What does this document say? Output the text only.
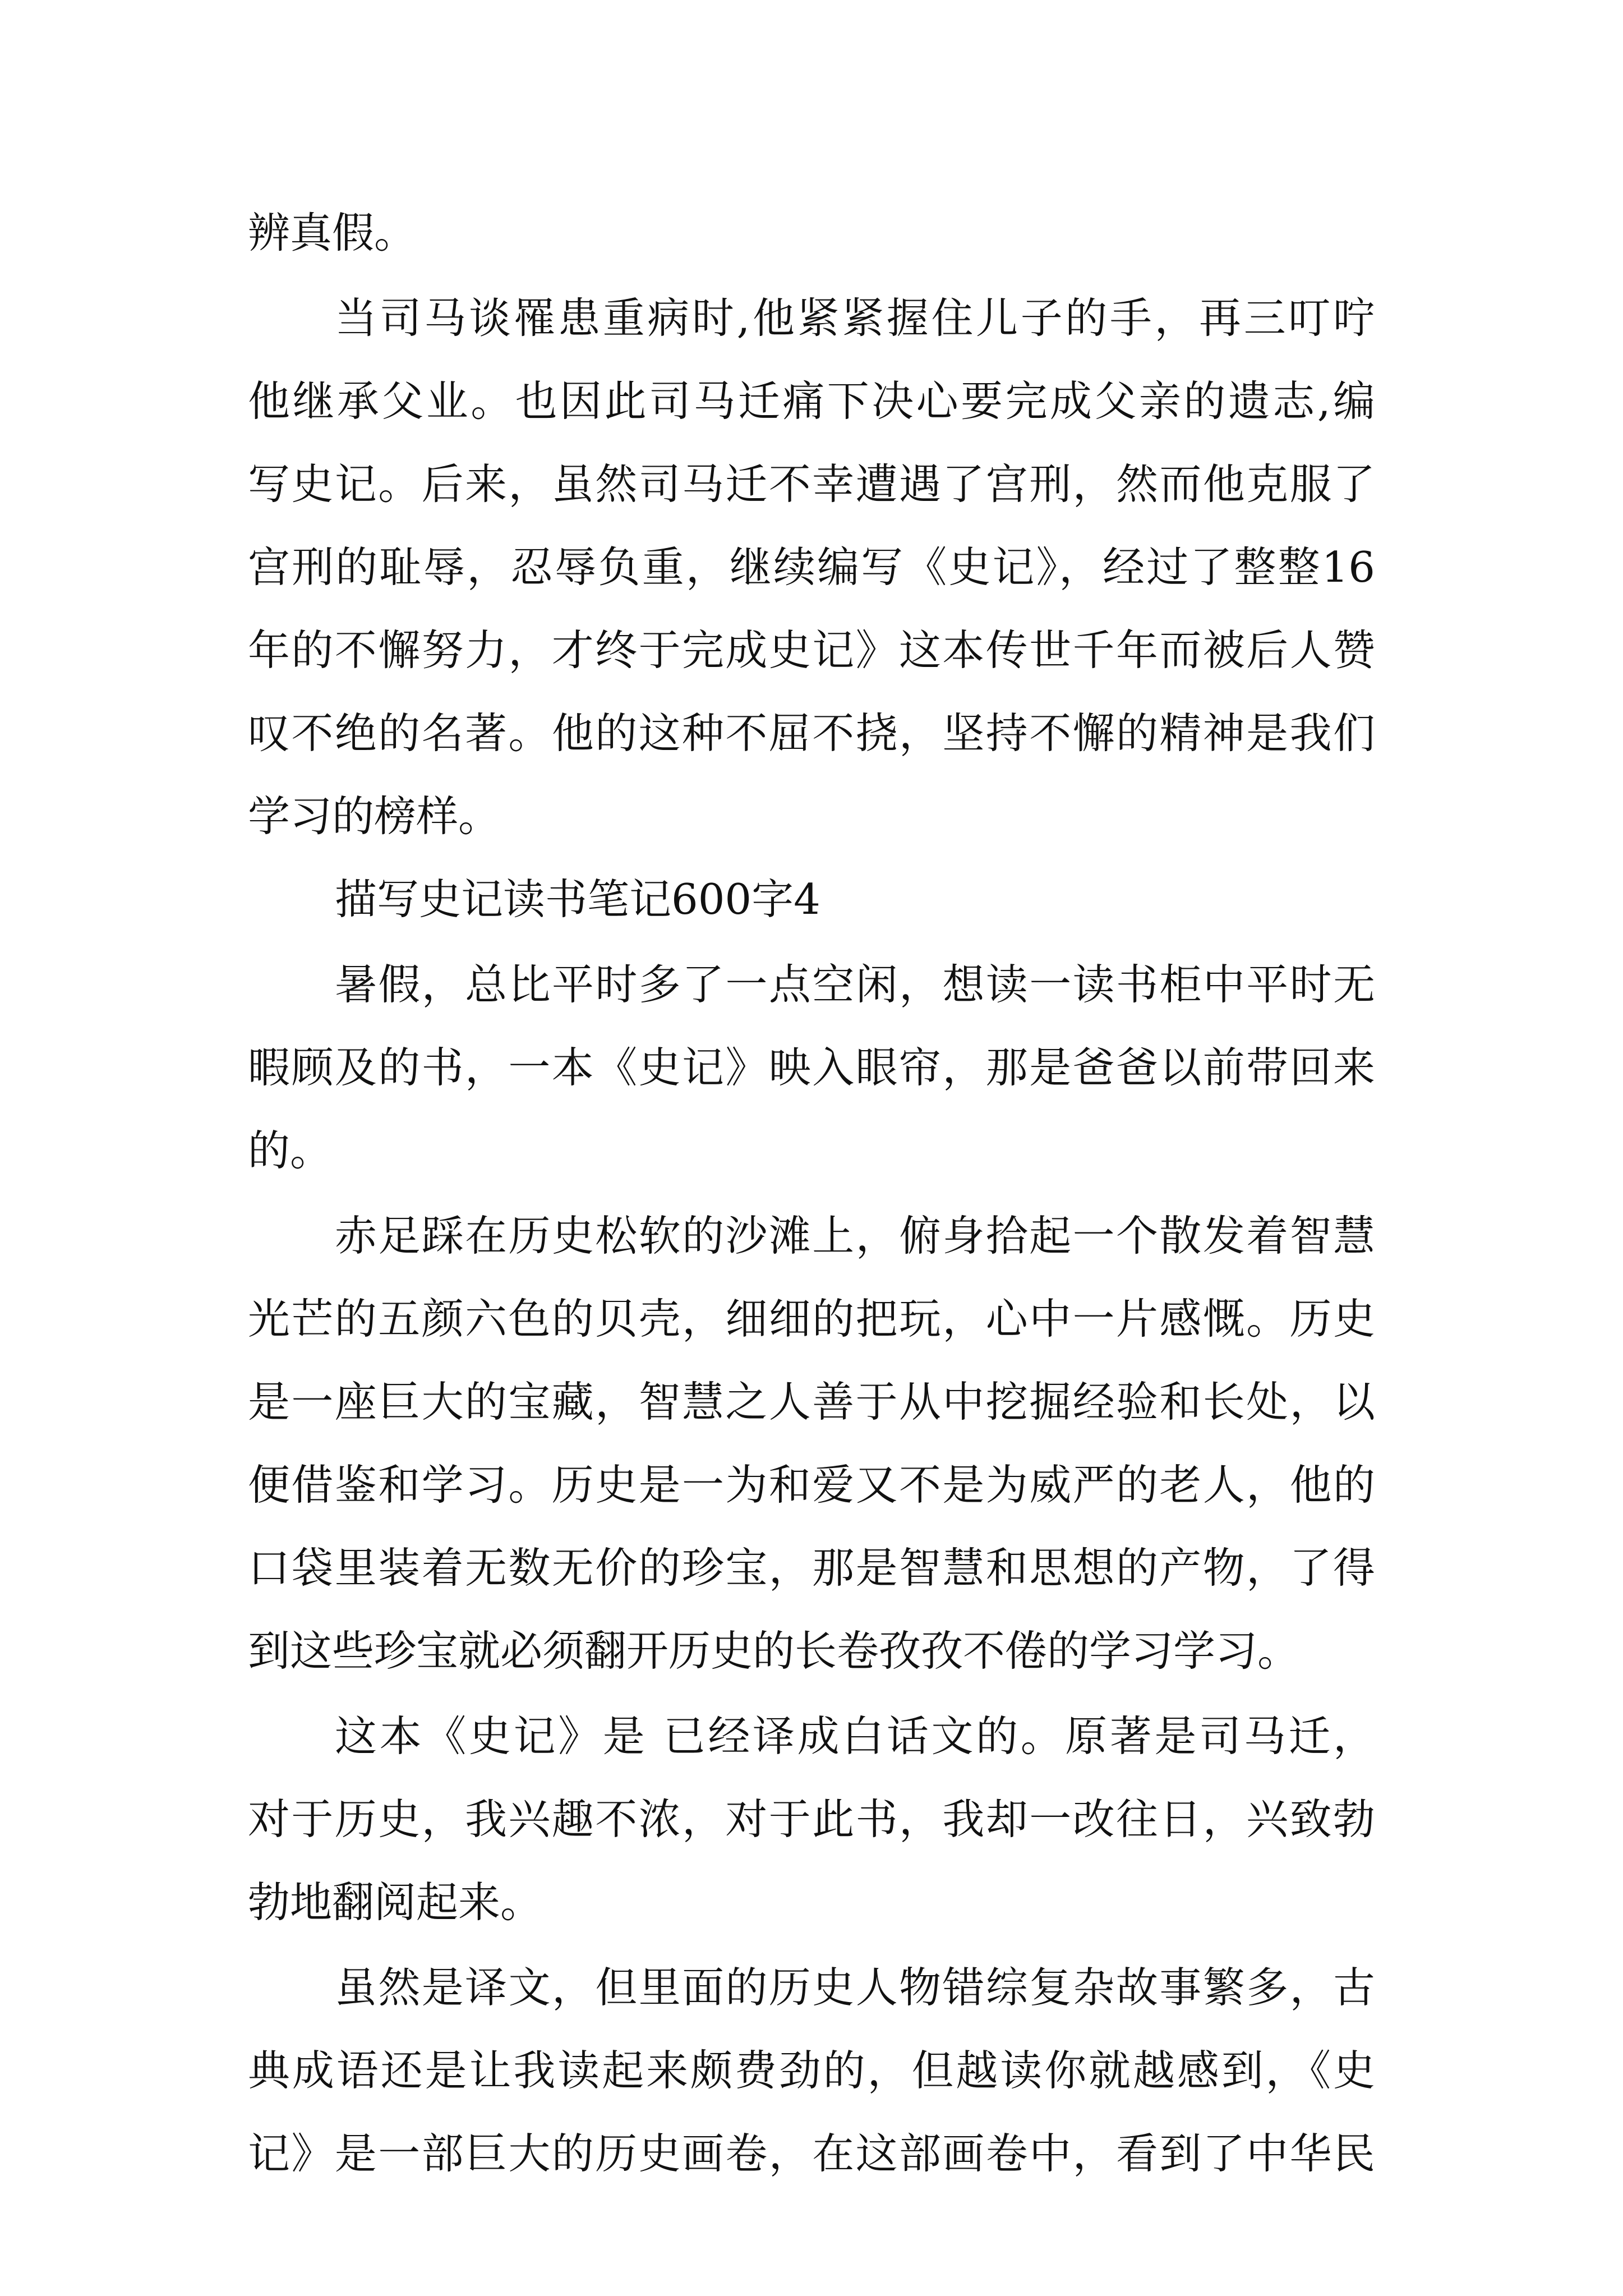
辨真假。
当司马谈罹患重病时,他紧紧握住儿子的手，再三叮咛
他继承父业。也因此司马迁痛下决心要完成父亲的遗志,编
写史记。后来，虽然司马迁不幸遭遇了宫刑，然而他克服了
宫刑的耻辱，忍辱负重，继续编写《史记》，经过了整整16
年的不懈努力，才终于完成史记》这本传世千年而被后人赞
叹不绝的名著。他的这种不屈不挠，坚持不懈的精神是我们
学习的榜样。
描写史记读书笔记600字4
暑假，总比平时多了一点空闲，想读一读书柜中平时无
暇顾及的书，一本《史记》映入眼帘，那是爸爸以前带回来
的。
赤足踩在历史松软的沙滩上，俯身拾起一个散发着智慧
光芒的五颜六色的贝壳，细细的把玩，心中一片感慨。历史
是一座巨大的宝藏，智慧之人善于从中挖掘经验和长处，以
便借鉴和学习。历史是一为和爱又不是为威严的老人，他的
口袋里装着无数无价的珍宝，那是智慧和思想的产物，了得
到这些珍宝就必须翻开历史的长卷孜孜不倦的学习学习。
这本《史记》是 已经译成白话文的。原著是司马迁，
对于历史，我兴趣不浓，对于此书，我却一改往日，兴致勃
勃地翻阅起来。
虽然是译文，但里面的历史人物错综复杂故事繁多，古
典成语还是让我读起来颇费劲的，但越读你就越感到，《史
记》是一部巨大的历史画卷，在这部画卷中，看到了中华民
